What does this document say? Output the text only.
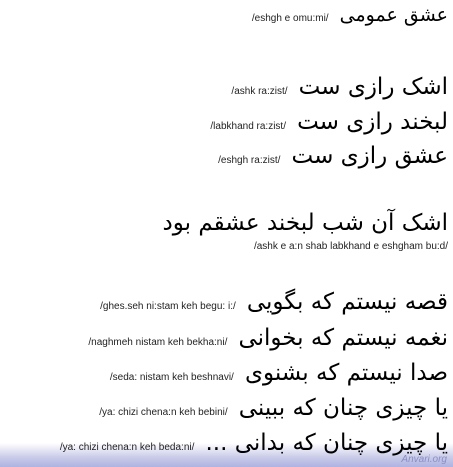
/eshgh e omu:mi/ عشق عمومی
/ashk ra:zist/ اشک رازی ست
/labkhand ra:zist/ لبخند رازی ست
/eshgh ra:zist/ عشق رازی ست
اشک آن شب لبخند عشقم بود
/ashk e a:n shab labkhand e eshgham bu:d/
/ghes.seh ni:stam keh begu: i:/ قصه نیستم که بگویی
/naghmeh nistam keh bekha:ni/ نغمه نیستم که بخوانی
/seda: nistam keh beshnavi/ صدا نیستم که بشنوی
/ya: chizi chena:n keh bebini/ یا چیزی چنان که ببینی
/ya: chizi chena:n keh beda:ni/ یا چیزی چنان که بدانی ...
Anvari.org
